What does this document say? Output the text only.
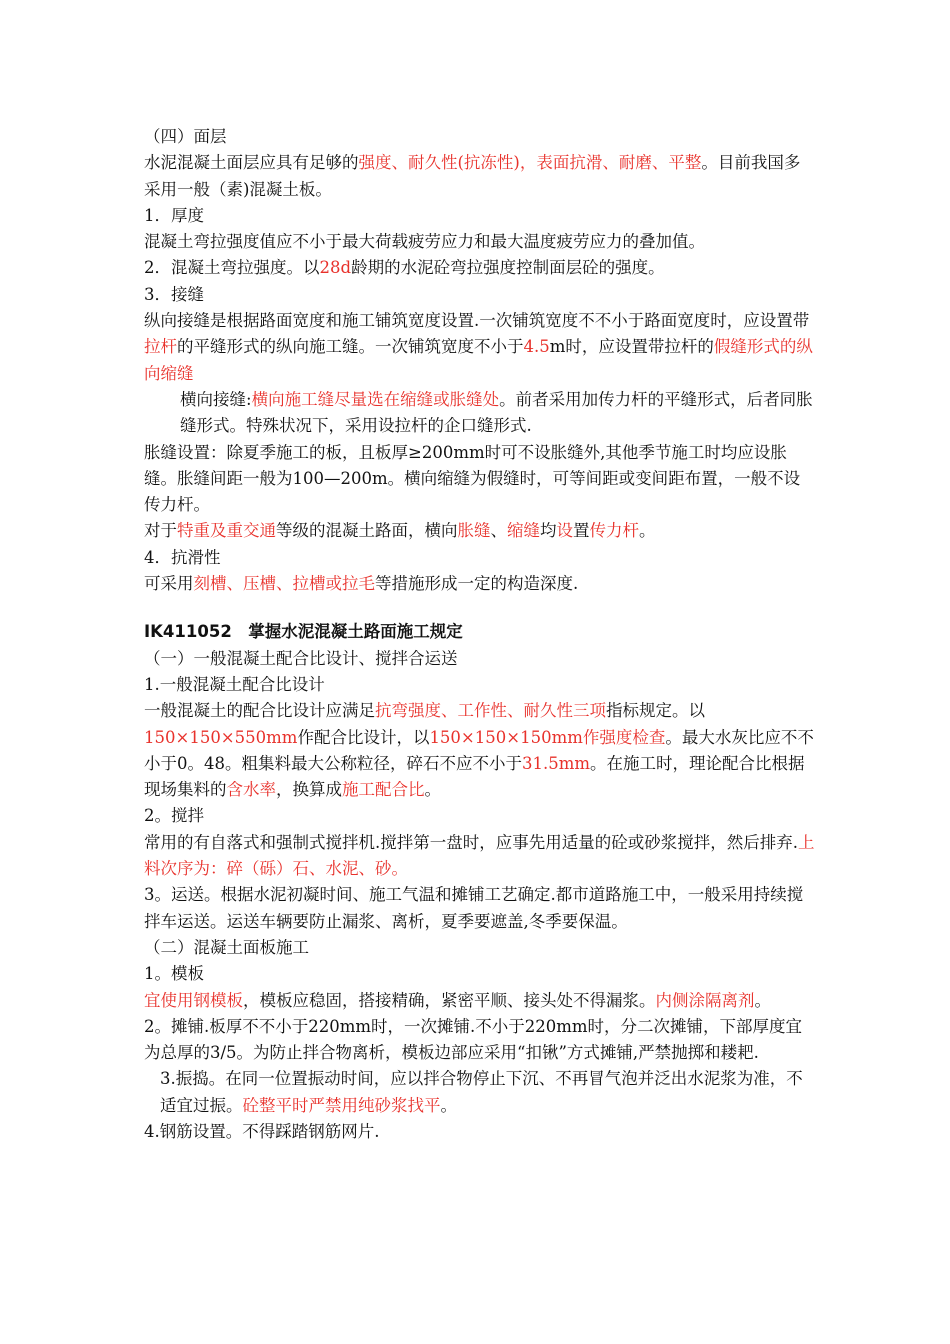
（四）面层
水泥混凝土面层应具有足够的强度、耐久性(抗冻性)，表面抗滑、耐磨、平整。目前我国多采用一般（素)混凝土板。
1．厚度
混凝土弯拉强度值应不小于最大荷载疲劳应力和最大温度疲劳应力的叠加值。
2．混凝土弯拉强度。以28d龄期的水泥砼弯拉强度控制面层砼的强度。
3．接缝
纵向接缝是根据路面宽度和施工铺筑宽度设置.一次铺筑宽度不不小于路面宽度时，应设置带拉杆的平缝形式的纵向施工缝。一次铺筑宽度不小于4.5m时，应设置带拉杆的假缝形式的纵向缩缝
横向接缝:横向施工缝尽量选在缩缝或胀缝处。前者采用加传力杆的平缝形式，后者同胀缝形式。特殊状况下，采用设拉杆的企口缝形式.
胀缝设置：除夏季施工的板，且板厚≥200mm时可不设胀缝外,其他季节施工时均应设胀缝。胀缝间距一般为100—200m。横向缩缝为假缝时，可等间距或变间距布置，一般不设传力杆。
对于特重及重交通等级的混凝土路面，横向胀缝、缩缝均设置传力杆。
4．抗滑性
可采用刻槽、压槽、拉槽或拉毛等措施形成一定的构造深度.
IK411052　掌握水泥混凝土路面施工规定
（一）一般混凝土配合比设计、搅拌合运送
1.一般混凝土配合比设计
一般混凝土的配合比设计应满足抗弯强度、工作性、耐久性三项指标规定。以150×150×550mm作配合比设计，以150×150×150mm作强度检查。最大水灰比应不不小于0。48。粗集料最大公称粒径，碎石不应不小于31.5mm。在施工时，理论配合比根据现场集料的含水率，换算成施工配合比。
2。搅拌
常用的有自落式和强制式搅拌机.搅拌第一盘时，应事先用适量的砼或砂浆搅拌，然后排弃.上料次序为：碎（砾）石、水泥、砂。
3。运送。根据水泥初凝时间、施工气温和摊铺工艺确定.都市道路施工中，一般采用持续搅拌车运送。运送车辆要防止漏浆、离析，夏季要遮盖,冬季要保温。
（二）混凝土面板施工
1。模板
宜使用钢模板，模板应稳固，搭接精确，紧密平顺、接头处不得漏浆。内侧涂隔离剂。
2。摊铺.板厚不不小于220mm时，一次摊铺.不小于220mm时，分二次摊铺，下部厚度宜为总厚的3/5。为防止拌合物离析，模板边部应采用“扣锹”方式摊铺,严禁抛掷和耧耙.
3.振捣。在同一位置振动时间，应以拌合物停止下沉、不再冒气泡并泛出水泥浆为准，不适宜过振。砼整平时严禁用纯砂浆找平。
4.钢筋设置。不得踩踏钢筋网片.
